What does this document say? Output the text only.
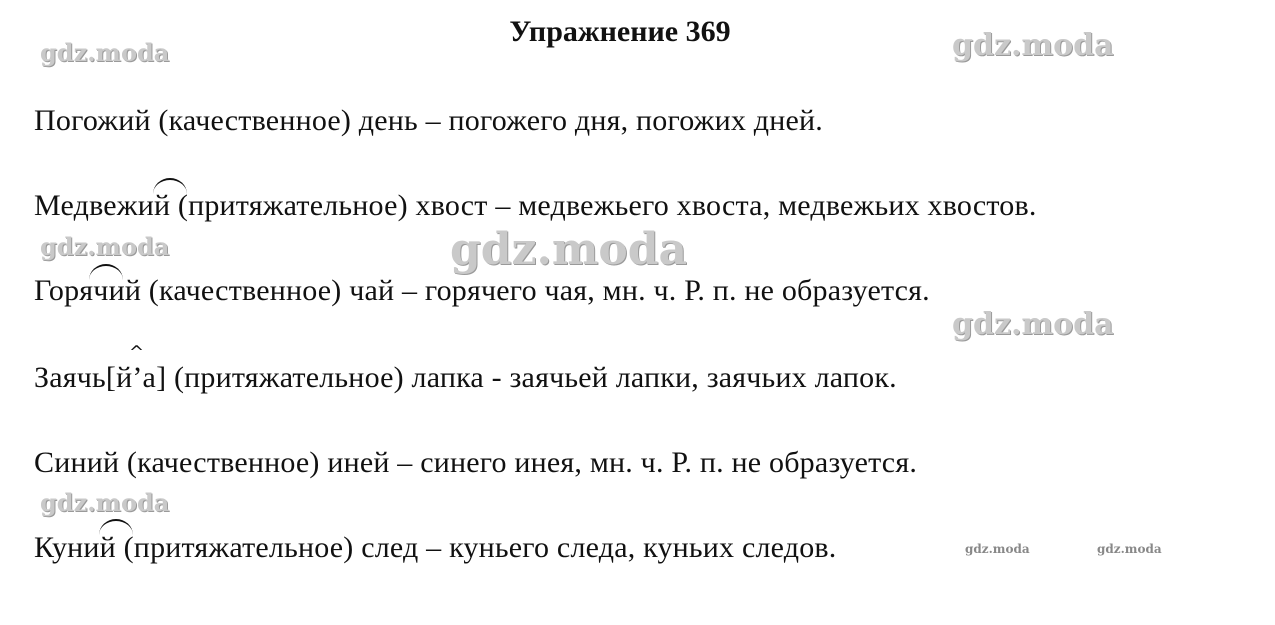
Упражнение 369
gdz.moda	gdz.moda
gdz.moda	gdz.moda
gdz.moda
gdz.moda
gdz.moda	gdz.moda
^
Погожий (качественное) день – погожего дня, погожих дней.
Медвежий (притяжательное) хвост – медвежьего хвоста, медвежьих хвостов.
Горячий (качественное) чай – горячего чая, мн. ч. Р. п. не образуется.
Заячь[й’а] (притяжательное) лапка - заячьей лапки, заячьих лапок.
Синий (качественное) иней – синего инея, мн. ч. Р. п. не образуется.
Куний (притяжательное) след – куньего следа, куньих следов.
